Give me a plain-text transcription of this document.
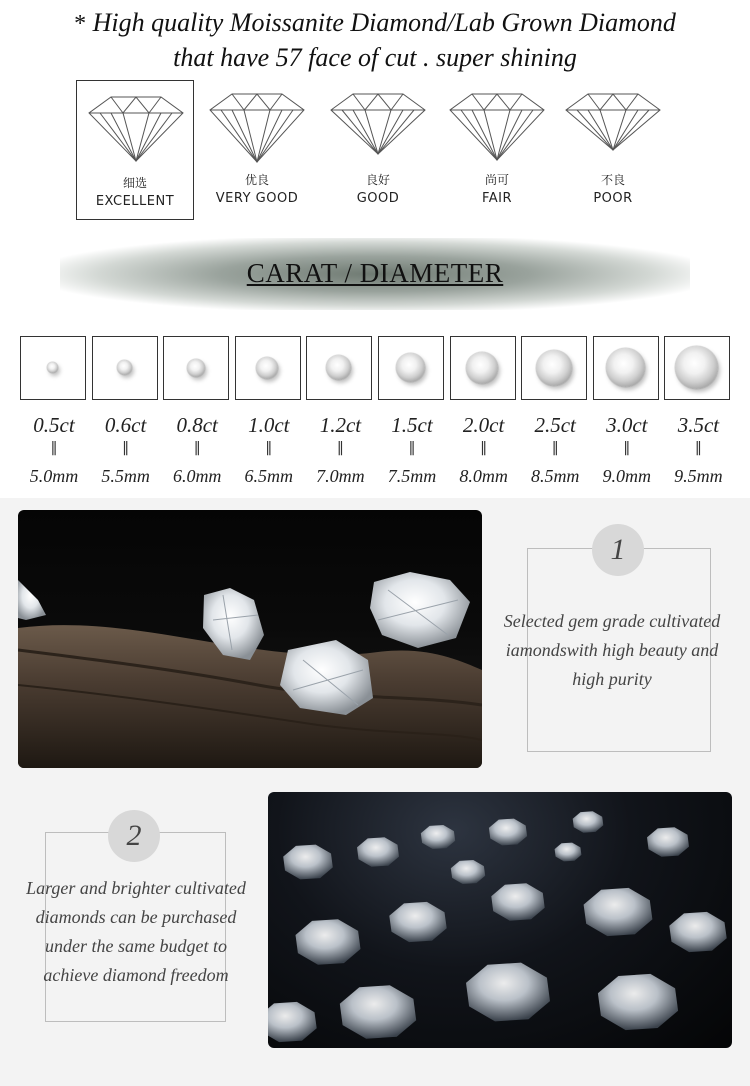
* High quality Moissanite Diamond/Lab Grown Diamond
that have 57 face of cut . super shining
细选
EXCELLENT
优良
VERY GOOD
良好
GOOD
尚可
FAIR
不良
POOR
CARAT / DIAMETER
0.5ct
‖
5.0mm
0.6ct
‖
5.5mm
0.8ct
‖
6.0mm
1.0ct
‖
6.5mm
1.2ct
‖
7.0mm
1.5ct
‖
7.5mm
2.0ct
‖
8.0mm
2.5ct
‖
8.5mm
3.0ct
‖
9.0mm
3.5ct
‖
9.5mm
1
Selected gem grade cultivated
iamondswith high beauty and
high purity
2
Larger and brighter cultivated
diamonds can be purchased
under the same budget to
achieve diamond freedom
